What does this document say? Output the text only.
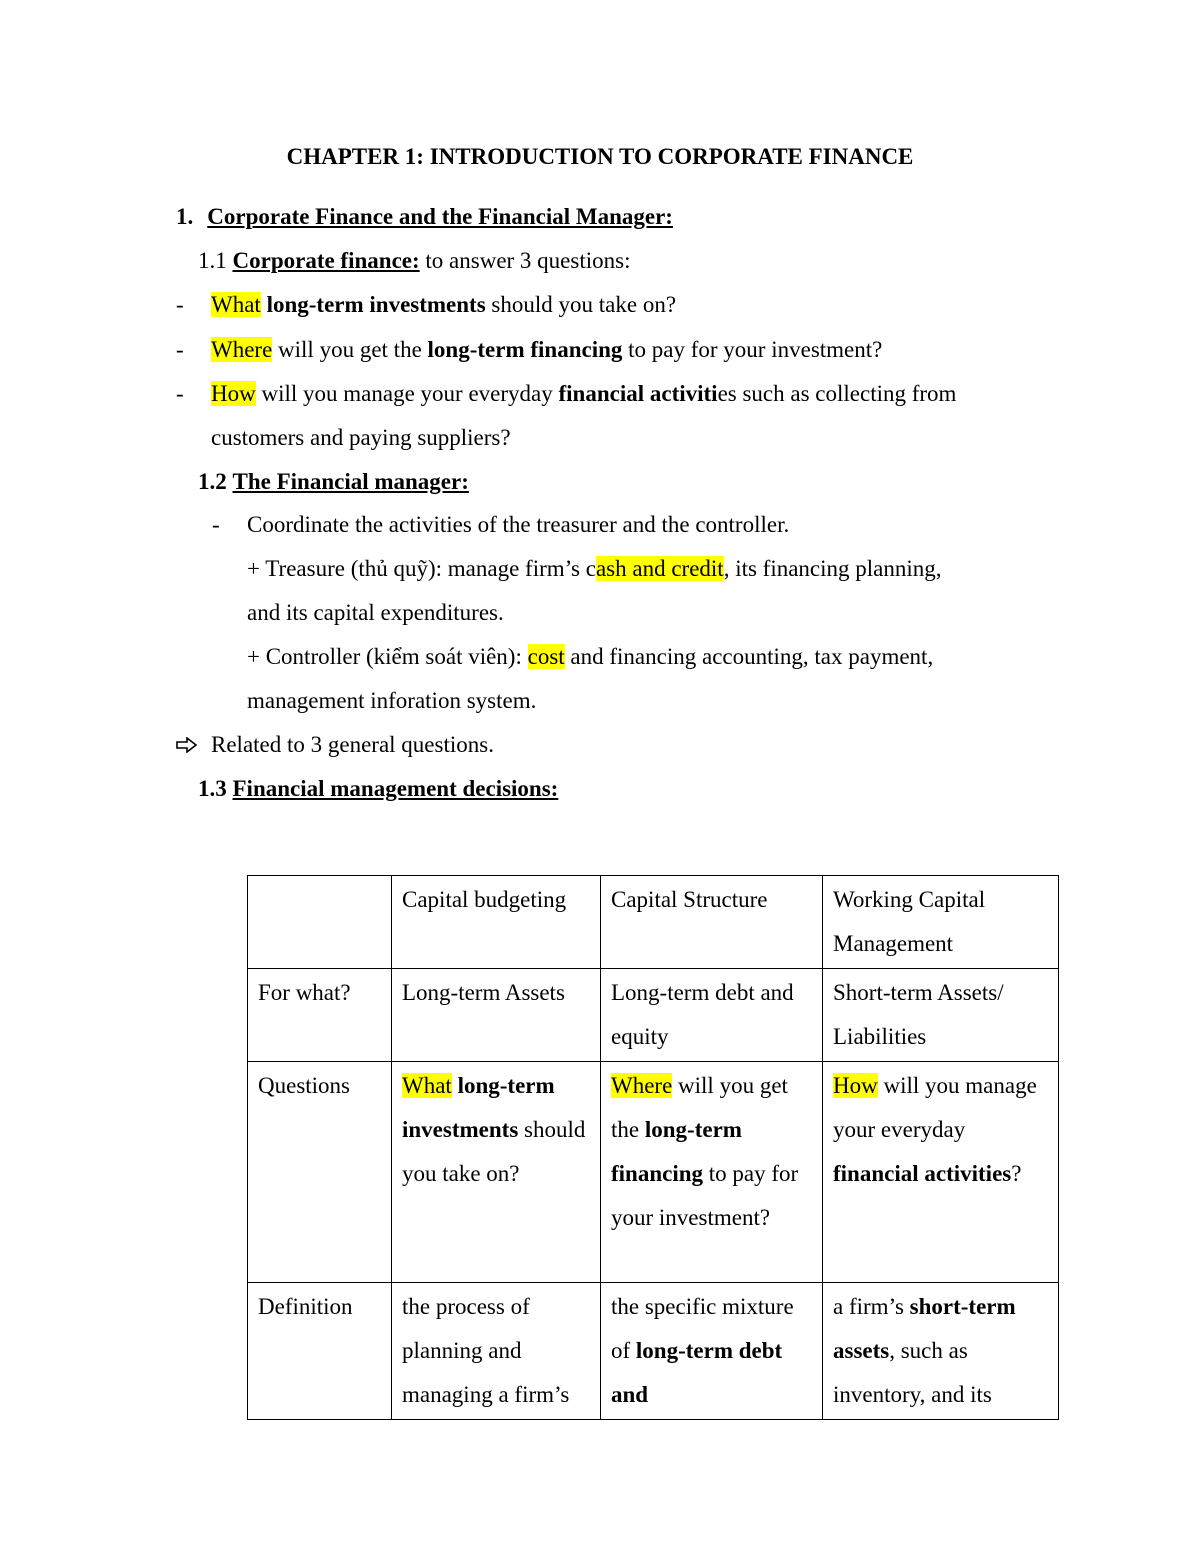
CHAPTER 1: INTRODUCTION TO CORPORATE FINANCE
1. Corporate Finance and the Financial Manager:
1.1 Corporate finance: to answer 3 questions:
- What long-term investments should you take on?
- Where will you get the long-term financing to pay for your investment?
- How will you manage your everyday financial activities such as collecting from
customers and paying suppliers?
1.2 The Financial manager:
- Coordinate the activities of the treasurer and the controller.
+ Treasure (thủ quỹ): manage firm’s cash and credit, its financing planning,
and its capital expenditures.
+ Controller (kiểm soát viên): cost and financing accounting, tax payment,
management inforation system.
Related to 3 general questions.
1.3 Financial management decisions:
	Capital budgeting	Capital Structure	Working Capital Management
For what?	Long-term Assets	Long-term debt and equity	Short-term Assets/ Liabilities
Questions	What long-term investments should you take on?	Where will you get the long-term financing to pay for your investment?	How will you manage your everyday financial activities?
Definition	the process of planning and managing a firm’s	the specific mixture of long-term debt and	a firm’s short-term assets, such as inventory, and its
